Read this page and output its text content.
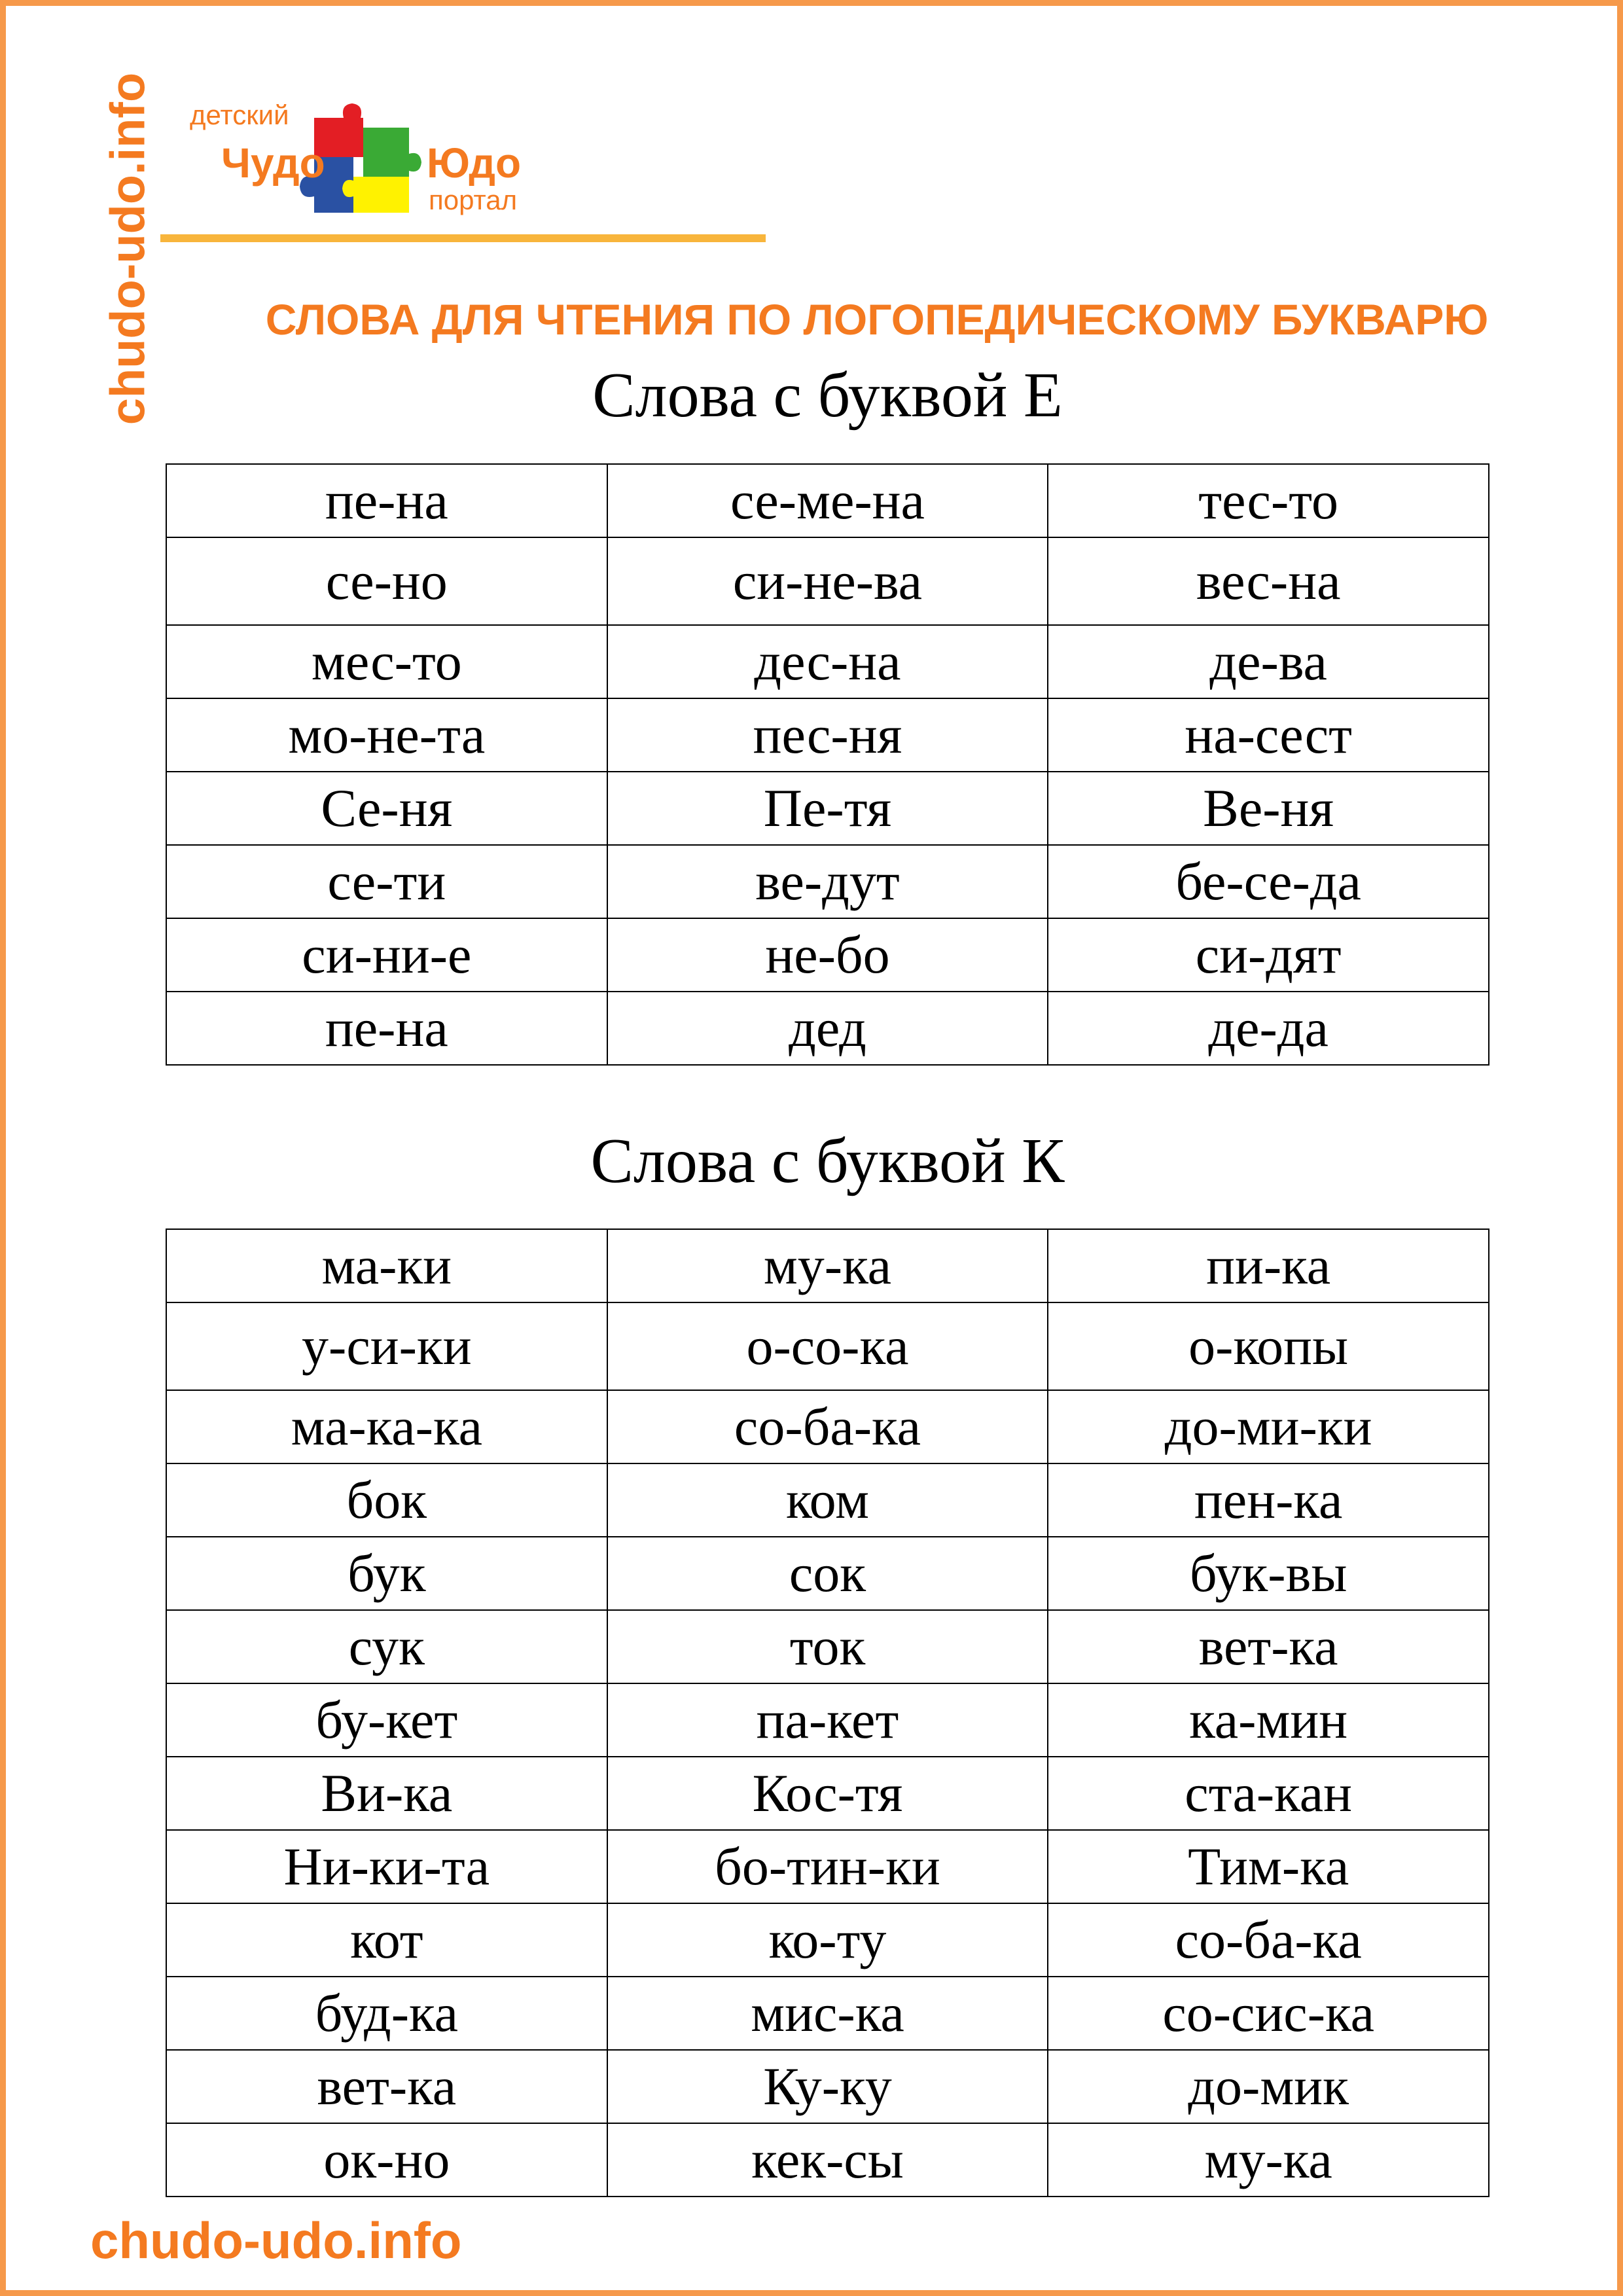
chudo-udo.info детский
Чудо Юдо
портал
СЛОВА ДЛЯ ЧТЕНИЯ ПО ЛОГОПЕДИЧЕСКОМУ БУКВАРЮ
Слова с буквой Е
пе-на	се-ме-на	тес-то
се-но	си-не-ва	вес-на
мес-то	дес-на	де-ва
мо-не-та	пес-ня	на-сест
Се-ня	Пе-тя	Ве-ня
се-ти	ве-дут	бе-се-да
си-ни-е	не-бо	си-дят
пе-на	дед	де-да
Слова с буквой К
ма-ки	му-ка	пи-ка
у-си-ки	о-со-ка	о-копы
ма-ка-ка	со-ба-ка	до-ми-ки
бок	ком	пен-ка
бук	сок	бук-вы
сук	ток	вет-ка
бу-кет	па-кет	ка-мин
Ви-ка	Кос-тя	ста-кан
Ни-ки-та	бо-тин-ки	Тим-ка
кот	ко-ту	со-ба-ка
буд-ка	мис-ка	со-сис-ка
вет-ка	Ку-ку	до-мик
ок-но	кек-сы	му-ка
chudo-udo.info
